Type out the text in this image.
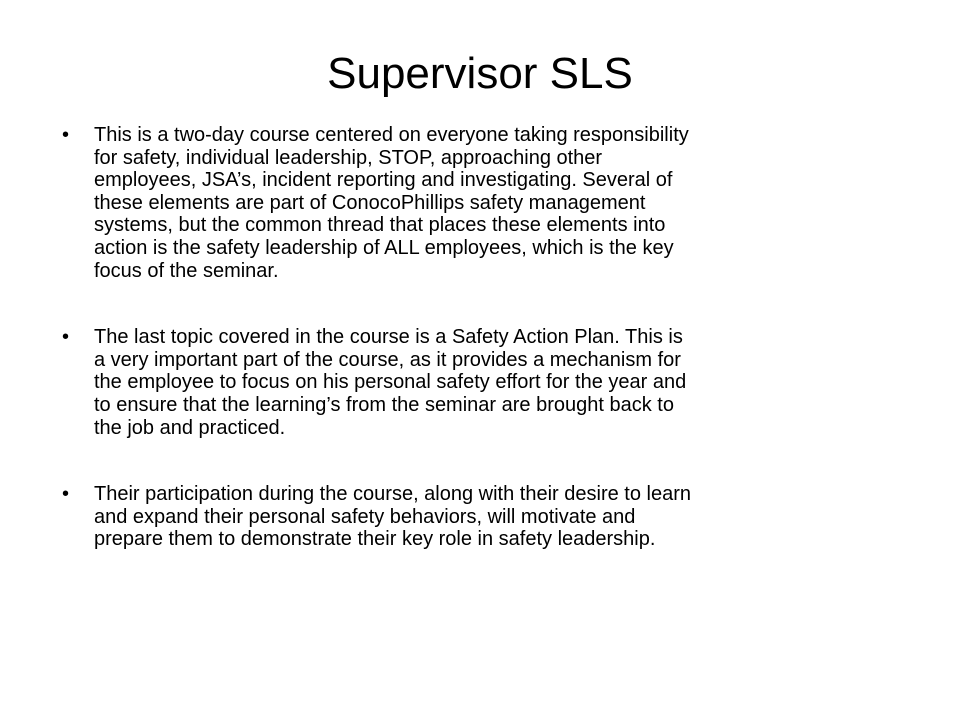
Supervisor SLS
• This is a two-day course centered on everyone taking responsibility
for safety, individual leadership, STOP, approaching other
employees, JSA’s, incident reporting and investigating. Several of
these elements are part of ConocoPhillips safety management
systems, but the common thread that places these elements into
action is the safety leadership of ALL employees, which is the key
focus of the seminar.
• The last topic covered in the course is a Safety Action Plan. This is
a very important part of the course, as it provides a mechanism for
the employee to focus on his personal safety effort for the year and
to ensure that the learning’s from the seminar are brought back to
the job and practiced.
• Their participation during the course, along with their desire to learn
and expand their personal safety behaviors, will motivate and
prepare them to demonstrate their key role in safety leadership.
